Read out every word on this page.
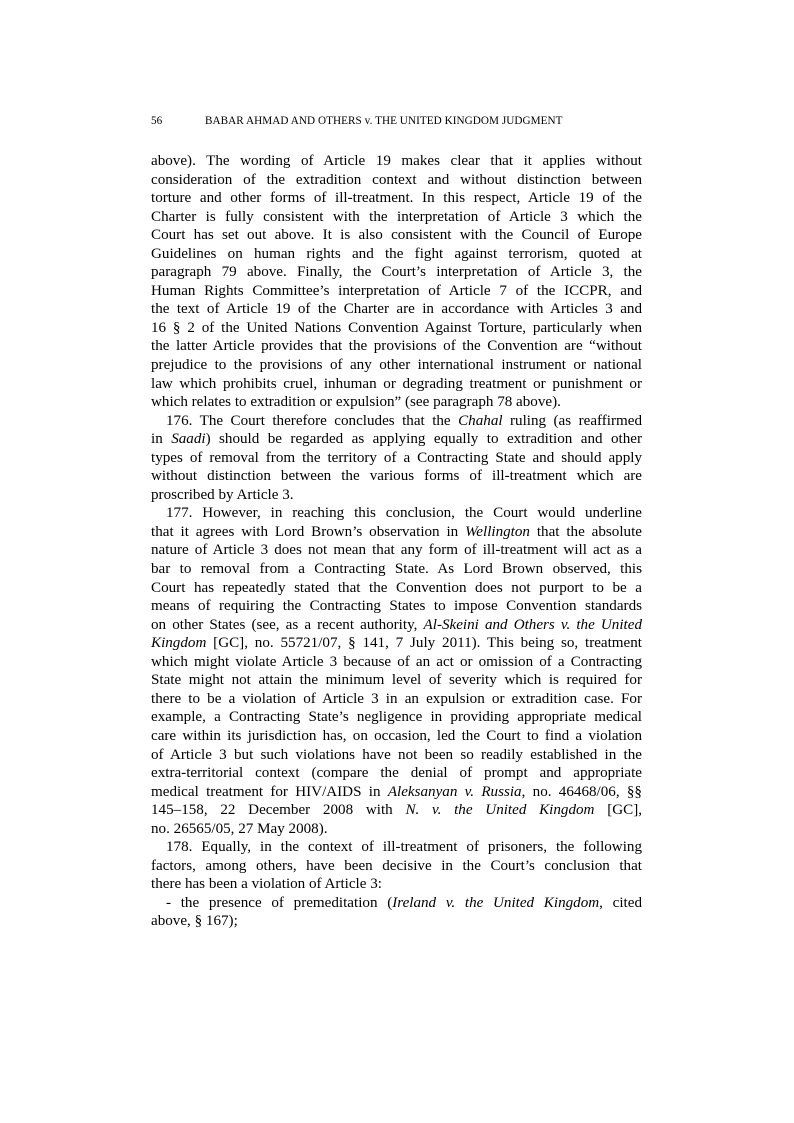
56	BABAR AHMAD AND OTHERS v. THE UNITED KINGDOM JUDGMENT

above). The wording of Article 19 makes clear that it applies without
consideration of the extradition context and without distinction between
torture and other forms of ill-treatment. In this respect, Article 19 of the
Charter is fully consistent with the interpretation of Article 3 which the
Court has set out above. It is also consistent with the Council of Europe
Guidelines on human rights and the fight against terrorism, quoted at
paragraph 79 above. Finally, the Court’s interpretation of Article 3, the
Human Rights Committee’s interpretation of Article 7 of the ICCPR, and
the text of Article 19 of the Charter are in accordance with Articles 3 and
16 § 2 of the United Nations Convention Against Torture, particularly when
the latter Article provides that the provisions of the Convention are “without
prejudice to the provisions of any other international instrument or national
law which prohibits cruel, inhuman or degrading treatment or punishment or
which relates to extradition or expulsion” (see paragraph 78 above).

176. The Court therefore concludes that the Chahal ruling (as reaffirmed
in Saadi) should be regarded as applying equally to extradition and other
types of removal from the territory of a Contracting State and should apply
without distinction between the various forms of ill-treatment which are
proscribed by Article 3.

177. However, in reaching this conclusion, the Court would underline
that it agrees with Lord Brown’s observation in Wellington that the absolute
nature of Article 3 does not mean that any form of ill-treatment will act as a
bar to removal from a Contracting State. As Lord Brown observed, this
Court has repeatedly stated that the Convention does not purport to be a
means of requiring the Contracting States to impose Convention standards
on other States (see, as a recent authority, Al-Skeini and Others v. the United
Kingdom [GC], no. 55721/07, § 141, 7 July 2011). This being so, treatment
which might violate Article 3 because of an act or omission of a Contracting
State might not attain the minimum level of severity which is required for
there to be a violation of Article 3 in an expulsion or extradition case. For
example, a Contracting State’s negligence in providing appropriate medical
care within its jurisdiction has, on occasion, led the Court to find a violation
of Article 3 but such violations have not been so readily established in the
extra-territorial context (compare the denial of prompt and appropriate
medical treatment for HIV/AIDS in Aleksanyan v. Russia, no. 46468/06, §§
145–158, 22 December 2008 with N. v. the United Kingdom [GC],
no. 26565/05, 27 May 2008).

178. Equally, in the context of ill-treatment of prisoners, the following
factors, among others, have been decisive in the Court’s conclusion that
there has been a violation of Article 3:

- the presence of premeditation (Ireland v. the United Kingdom, cited
above, § 167);
